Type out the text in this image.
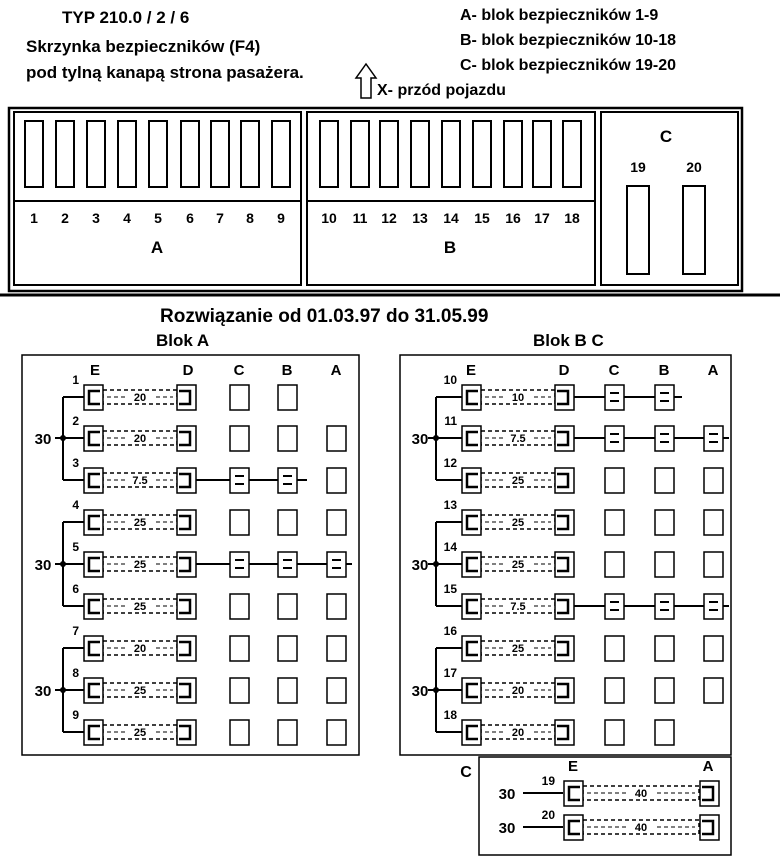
TYP 210.0 / 2 / 6
Skrzynka bezpieczników (F4)
pod tylną kanapą strona pasażera.
A- blok bezpieczników 1-9
B- blok bezpieczników 10-18
C- blok bezpieczników 19-20
X- przód pojazdu
Rozwiązanie od 01.03.97 do 31.05.99
Blok A	Blok B C
1 2 3 4 5 6 7 8 9
A
10 11 12 13 14 15 16 17 18
B
C
19	20
E	D	C B	A
30
1
20
2
20
3
7.5
30
4
25
5
25
6
25
30
7
20
8
25
9
25
E	D	C	B	A
30
10
10
11
7.5
12
25
30
13
25
14
25
15
7.5
30
16
25
17
20
18
20
C	E	A
30
19
40
30
20
40
